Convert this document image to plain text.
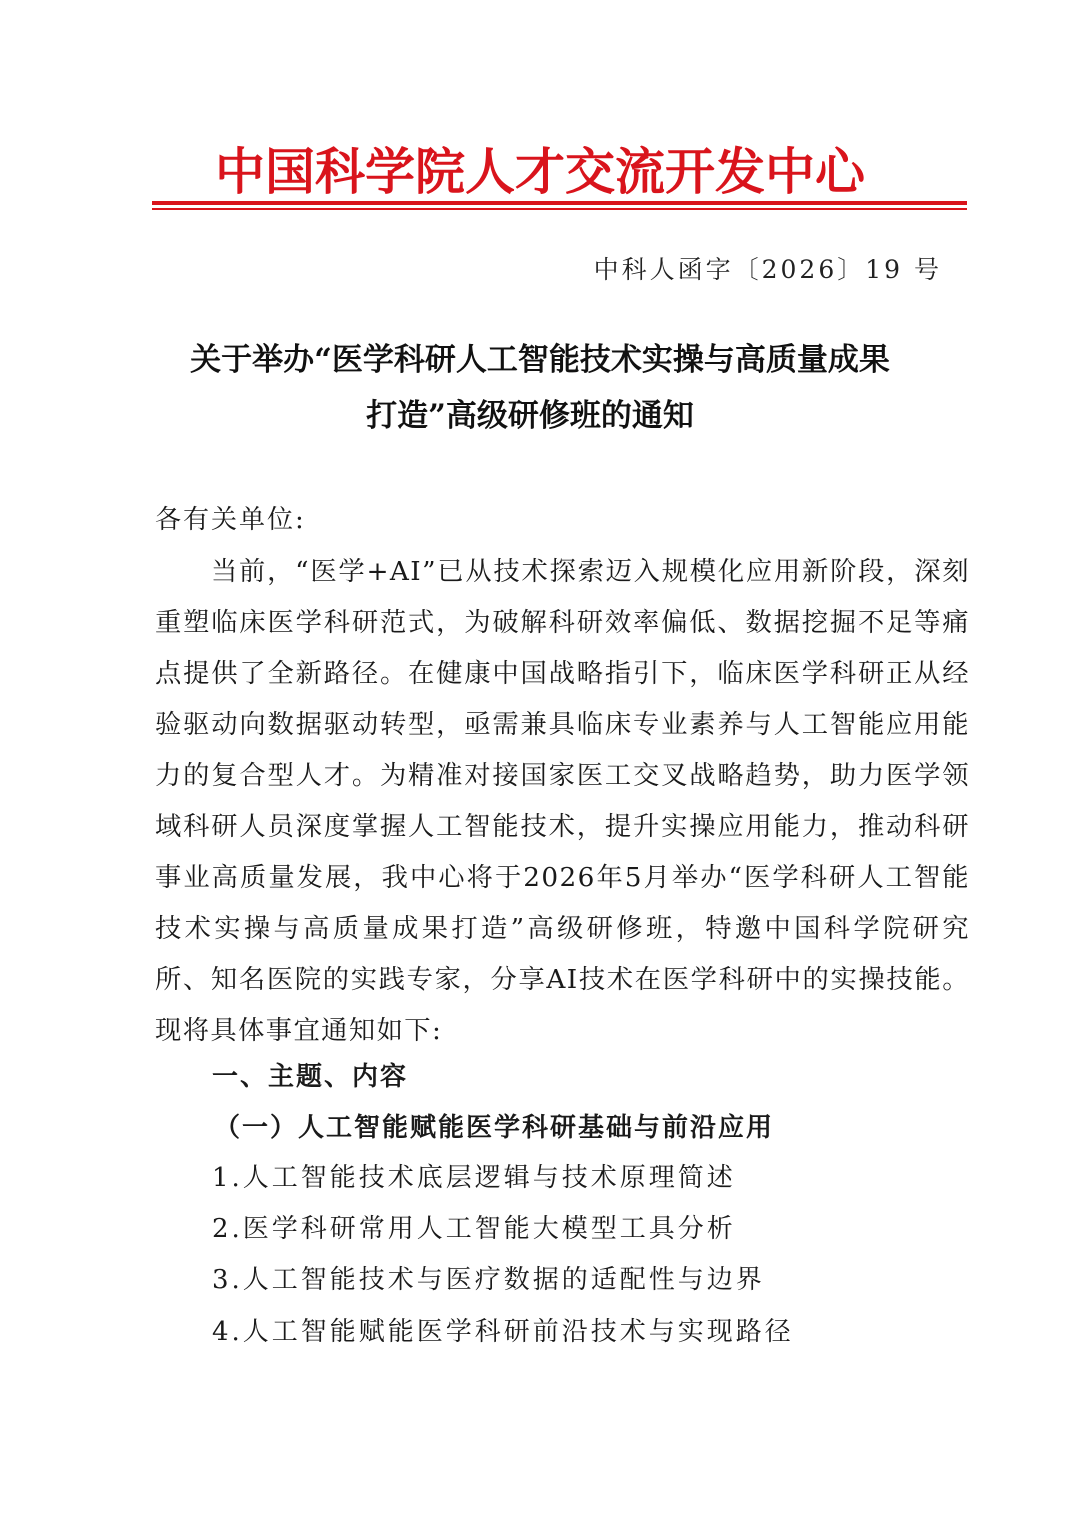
中国科学院人才交流开发中心
中科人函字〔2026〕19 号
关于举办“医学科研人工智能技术实操与高质量成果
打造”高级研修班的通知
各有关单位:
当前，“医学+AI”已从技术探索迈入规模化应用新阶段，深刻重塑临床医学科研范式，为破解科研效率偏低、数据挖掘不足等痛点提供了全新路径。在健康中国战略指引下，临床医学科研正从经验驱动向数据驱动转型，亟需兼具临床专业素养与人工智能应用能力的复合型人才。为精准对接国家医工交叉战略趋势，助力医学领域科研人员深度掌握人工智能技术，提升实操应用能力，推动科研事业高质量发展，我中心将于2026年5月举办“医学科研人工智能技术实操与高质量成果打造”高级研修班，特邀中国科学院研究所、知名医院的实践专家，分享AI技术在医学科研中的实操技能。现将具体事宜通知如下:
一、主题、内容
（一）人工智能赋能医学科研基础与前沿应用
1.人工智能技术底层逻辑与技术原理简述
2.医学科研常用人工智能大模型工具分析
3.人工智能技术与医疗数据的适配性与边界
4.人工智能赋能医学科研前沿技术与实现路径
